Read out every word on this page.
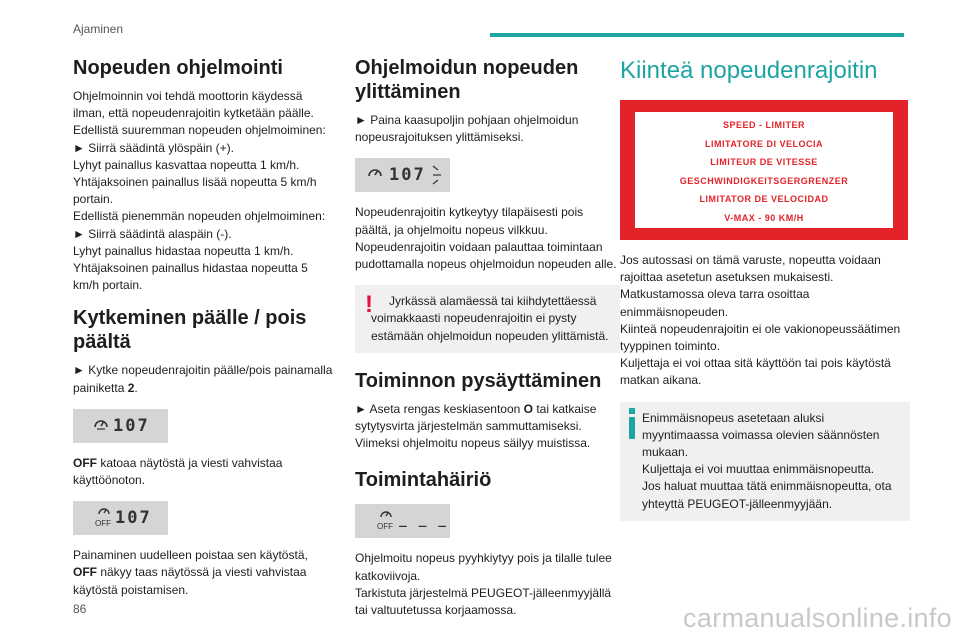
Ajaminen
Nopeuden ohjelmointi

Ohjelmoinnin voi tehdä moottorin käydessä ilman, että nopeudenrajoitin kytketään päälle.

Edellistä suuremman nopeuden ohjelmoiminen:

► Siirrä säädintä ylöspäin (+).

Lyhyt painallus kasvattaa nopeutta 1 km/h.

Yhtäjaksoinen painallus lisää nopeutta 5 km/h portain.

Edellistä pienemmän nopeuden ohjelmoiminen:

► Siirrä säädintä alaspäin (-).

Lyhyt painallus hidastaa nopeutta 1 km/h.

Yhtäjaksoinen painallus hidastaa nopeutta 5 km/h portain.

Kytkeminen päälle / pois päältä

► Kytke nopeudenrajoitin päälle/pois painamalla painiketta 2.

107

OFF katoaa näytöstä ja viesti vahvistaa käyttöönoton.

OFF 107

Painaminen uudelleen poistaa sen käytöstä,

OFF näkyy taas näytössä ja viesti vahvistaa käytöstä poistamisen.

Ohjelmoidun nopeuden ylittäminen

► Paina kaasupoljin pohjaan ohjelmoidun nopeusrajoituksen ylittämiseksi.

107

Nopeudenrajoitin kytkeytyy tilapäisesti pois päältä, ja ohjelmoitu nopeus vilkkuu.

Nopeudenrajoitin voidaan palauttaa toimintaan pudottamalla nopeus ohjelmoidun nopeuden alle.

!	Jyrkässä alamäessä tai kiihdytettäessä voimakkaasti nopeudenrajoitin ei pysty estämään ohjelmoidun nopeuden ylittämistä.

Toiminnon pysäyttäminen

► Aseta rengas keskiasentoon O tai katkaise sytytysvirta järjestelmän sammuttamiseksi.

Viimeksi ohjelmoitu nopeus säilyy muistissa.

Toimintahäiriö
OFF _ _ _

Ohjelmoitu nopeus pyyhkiytyy pois ja tilalle tulee katkoviivoja.

Tarkistuta järjestelmä PEUGEOT-jälleenmyyjällä tai valtuutetussa korjaamossa.

Kiinteä nopeudenrajoitin
SPEED - LIMITER
LIMITATORE DI VELOCIA
LIMITEUR DE VITESSE
GESCHWINDIGKEITSGERGRENZER
LIMITATOR DE VELOCIDAD
V-MAX - 90 KM/H

Jos autossasi on tämä varuste, nopeutta voidaan rajoittaa asetetun asetuksen mukaisesti.

Matkustamossa oleva tarra osoittaa enimmäisnopeuden.

Kiinteä nopeudenrajoitin ei ole vakionopeussäätimen tyyppinen toiminto.

Kuljettaja ei voi ottaa sitä käyttöön tai pois käytöstä matkan aikana.

Enimmäisnopeus asetetaan aluksi myyntimaassa voimassa olevien säännösten mukaan.

Kuljettaja ei voi muuttaa enimmäisnopeutta.

Jos haluat muuttaa tätä enimmäisnopeutta, ota yhteyttä PEUGEOT-jälleenmyyjään.

86	carmanualsonline.info
